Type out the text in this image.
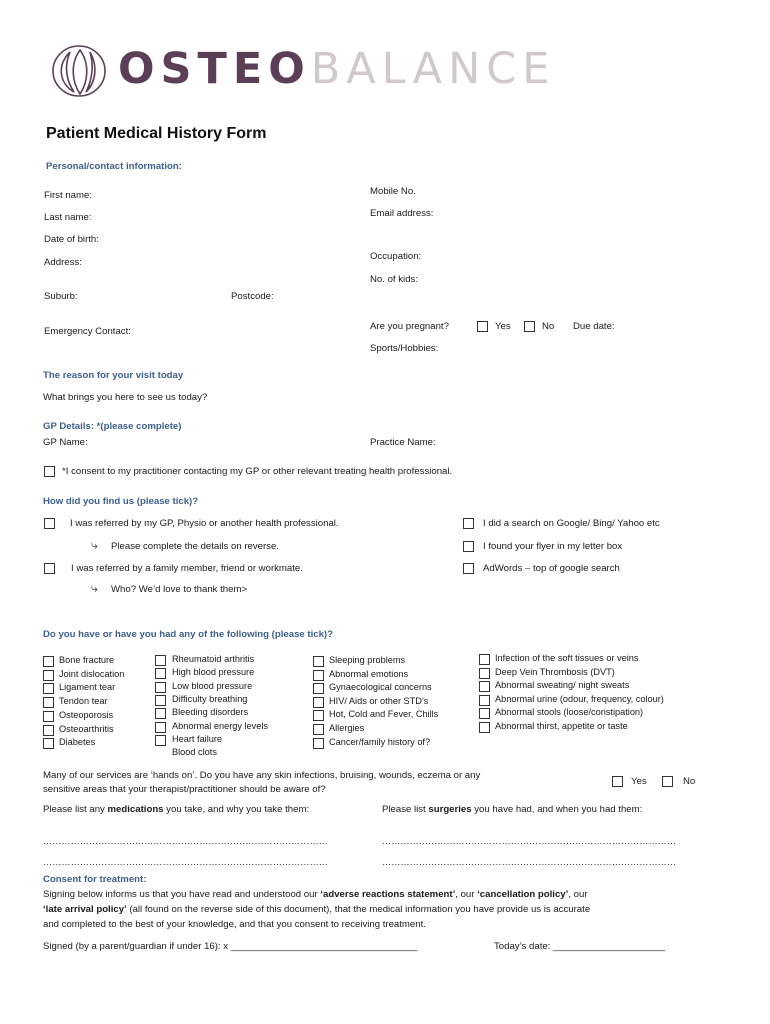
OSTEOBALANCE
Patient Medical History Form
Personal/contact information:
First name:	Mobile No.
Last name:	Email address:
Date of birth:
Address:
Occupation:
No. of kids:
Suburb:	Postcode:
Emergency Contact:	Are you pregnant?	Yes	No Due date:
Sports/Hobbies:
The reason for your visit today
What brings you here to see us today?
GP Details: *(please complete)
GP Name:	Practice Name:
*I consent to my practitioner contacting my GP or other relevant treating health professional.
How did you find us (please tick)?
I was referred by my GP, Physio or another health professional.
⤷ Please complete the details on reverse.
I was referred by a family member, friend or workmate.
⤷ Who? We’d love to thank them>
I did a search on Google/ Bing/ Yahoo etc
I found your flyer in my letter box
AdWords – top of google search
Do you have or have you had any of the following (please tick)?
Bone fracture
Joint dislocation
Ligament tear
Tendon tear
Osteoporosis
Osteoarthritis
Diabetes
Rheumatoid arthritis
High blood pressure
Low blood pressure
Difficulty breathing
Bleeding disorders
Abnormal energy levels
Heart failure
Blood clots
Sleeping problems
Abnormal emotions
Gynaecological concerns
HIV/ Aids or other STD’s
Hot, Cold and Fever, Chills
Allergies
Cancer/family history of?
Infection of the soft tissues or veins
Deep Vein Thrombosis (DVT)
Abnormal sweating/ night sweats
Abnormal urine (odour, frequency, colour)
Abnormal stools (loose/constipation)
Abnormal thirst, appetite or taste
Many of our services are ‘hands on’. Do you have any skin infections, bruising, wounds, eczema or any
sensitive areas that your therapist/practitioner should be aware of?
Yes	No
Please list any medications you take, and why you take them:	Please list surgeries you have had, and when you had them:
…………………………………………………………………………………	……………………………………………………………………………………
…………………………………………………………………………………	……………………………………………………………………………………
Consent for treatment:
Signing below informs us that you have read and understood our ‘adverse reactions statement’, our ‘cancellation policy’, our
‘late arrival policy’ (all found on the reverse side of this document), that the medical information you have provide us is accurate
and completed to the best of your knowledge, and that you consent to receiving treatment.
Signed (by a parent/guardian if under 16): x ___________________________________	Today’s date: _____________________
